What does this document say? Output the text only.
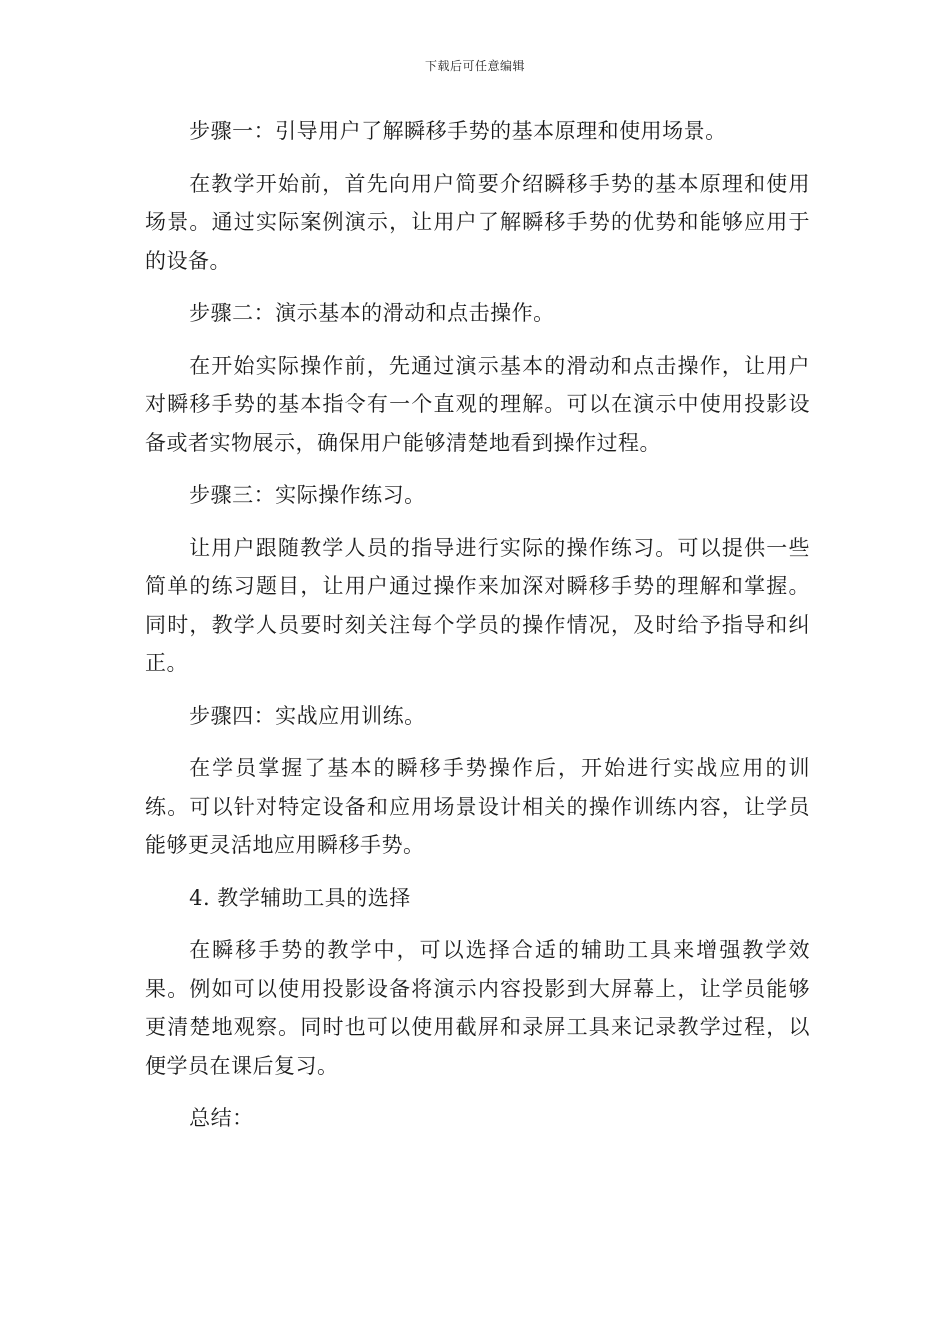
下载后可任意编辑

步骤一：引导用户了解瞬移手势的基本原理和使用场景。

在教学开始前，首先向用户简要介绍瞬移手势的基本原理和使用场景。通过实际案例演示，让用户了解瞬移手势的优势和能够应用于的设备。

步骤二：演示基本的滑动和点击操作。

在开始实际操作前，先通过演示基本的滑动和点击操作，让用户对瞬移手势的基本指令有一个直观的理解。可以在演示中使用投影设备或者实物展示，确保用户能够清楚地看到操作过程。

步骤三：实际操作练习。

让用户跟随教学人员的指导进行实际的操作练习。可以提供一些简单的练习题目，让用户通过操作来加深对瞬移手势的理解和掌握。同时，教学人员要时刻关注每个学员的操作情况，及时给予指导和纠正。

步骤四：实战应用训练。

在学员掌握了基本的瞬移手势操作后，开始进行实战应用的训练。可以针对特定设备和应用场景设计相关的操作训练内容，让学员能够更灵活地应用瞬移手势。

4. 教学辅助工具的选择

在瞬移手势的教学中，可以选择合适的辅助工具来增强教学效果。例如可以使用投影设备将演示内容投影到大屏幕上，让学员能够更清楚地观察。同时也可以使用截屏和录屏工具来记录教学过程，以便学员在课后复习。

总结：
